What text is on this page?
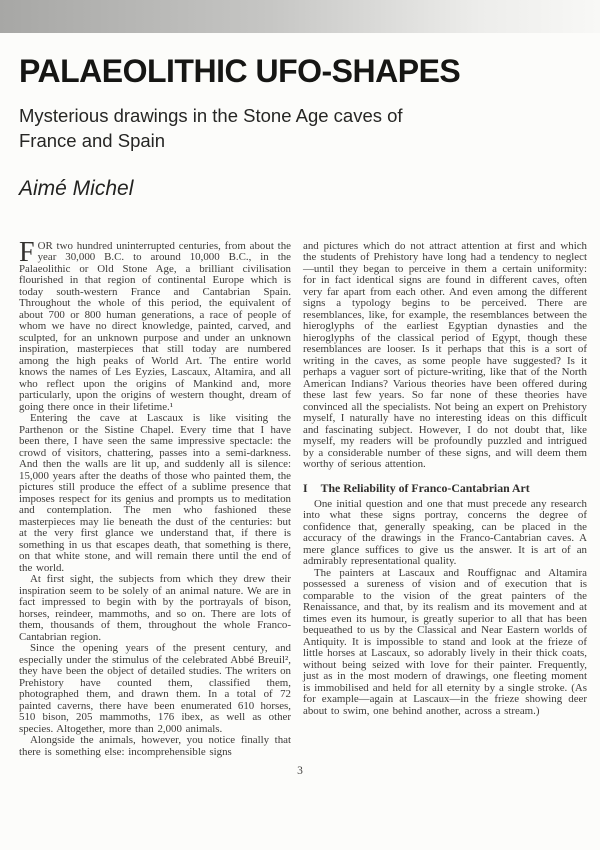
PALAEOLITHIC UFO-SHAPES

Mysterious drawings in the Stone Age caves of France and Spain

Aimé Michel

FOR two hundred uninterrupted centuries, from about the year 30,000 B.C. to around 10,000 B.C., in the Palaeolithic or Old Stone Age, a brilliant civilisation flourished in that region of continental Europe which is today south-western France and Cantabrian Spain. Throughout the whole of this period, the equivalent of about 700 or 800 human generations, a race of people of whom we have no direct knowledge, painted, carved, and sculpted, for an unknown purpose and under an unknown inspiration, masterpieces that still today are numbered among the high peaks of World Art. The entire world knows the names of Les Eyzies, Lascaux, Altamira, and all who reflect upon the origins of Mankind and, more particularly, upon the origins of western thought, dream of going there once in their lifetime.¹

Entering the cave at Lascaux is like visiting the Parthenon or the Sistine Chapel. Every time that I have been there, I have seen the same impressive spectacle: the crowd of visitors, chattering, passes into a semi-darkness. And then the walls are lit up, and suddenly all is silence: 15,000 years after the deaths of those who painted them, the pictures still produce the effect of a sublime presence that imposes respect for its genius and prompts us to meditation and contemplation. The men who fashioned these masterpieces may lie beneath the dust of the centuries: but at the very first glance we understand that, if there is something in us that escapes death, that something is there, on that white stone, and will remain there until the end of the world.

At first sight, the subjects from which they drew their inspiration seem to be solely of an animal nature. We are in fact impressed to begin with by the portrayals of bison, horses, reindeer, mammoths, and so on. There are lots of them, thousands of them, throughout the whole Franco-Cantabrian region.

Since the opening years of the present century, and especially under the stimulus of the celebrated Abbé Breuil², they have been the object of detailed studies. The writers on Prehistory have counted them, classified them, photographed them, and drawn them. In a total of 72 painted caverns, there have been enumerated 610 horses, 510 bison, 205 mammoths, 176 ibex, as well as other species. Altogether, more than 2,000 animals.

Alongside the animals, however, you notice finally that there is something else: incomprehensible signs

and pictures which do not attract attention at first and which the students of Prehistory have long had a tendency to neglect—until they began to perceive in them a certain uniformity: for in fact identical signs are found in different caves, often very far apart from each other. And even among the different signs a typology begins to be perceived. There are resemblances, like, for example, the resemblances between the hieroglyphs of the earliest Egyptian dynasties and the hieroglyphs of the classical period of Egypt, though these resemblances are looser. Is it perhaps that this is a sort of writing in the caves, as some people have suggested? Is it perhaps a vaguer sort of picture-writing, like that of the North American Indians? Various theories have been offered during these last few years. So far none of these theories have convinced all the specialists. Not being an expert on Prehistory myself, I naturally have no interesting ideas on this difficult and fascinating subject. However, I do not doubt that, like myself, my readers will be profoundly puzzled and intrigued by a considerable number of these signs, and will deem them worthy of serious attention.

I The Reliability of Franco-Cantabrian Art

One initial question and one that must precede any research into what these signs portray, concerns the degree of confidence that, generally speaking, can be placed in the accuracy of the drawings in the Franco-Cantabrian caves. A mere glance suffices to give us the answer. It is art of an admirably representational quality.

The painters at Lascaux and Rouffignac and Altamira possessed a sureness of vision and of execution that is comparable to the vision of the great painters of the Renaissance, and that, by its realism and its movement and at times even its humour, is greatly superior to all that has been bequeathed to us by the Classical and Near Eastern worlds of Antiquity. It is impossible to stand and look at the frieze of little horses at Lascaux, so adorably lively in their thick coats, without being seized with love for their painter. Frequently, just as in the most modern of drawings, one fleeting moment is immobilised and held for all eternity by a single stroke. (As for example—again at Lascaux—in the frieze showing deer about to swim, one behind another, across a stream.)

3
